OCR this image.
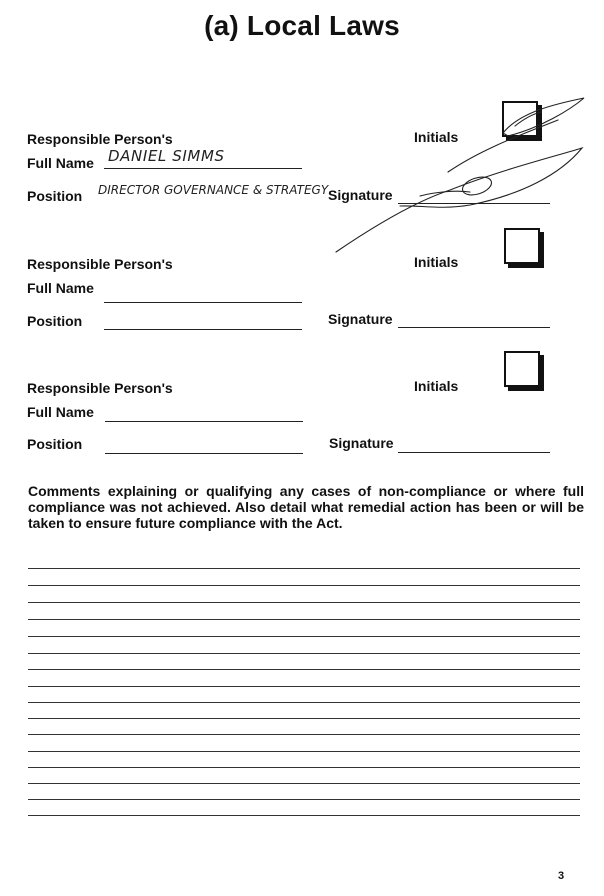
(a) Local Laws
Responsible Person's
Full Name DANIEL SIMMS
Position DIRECTOR GOVERNANCE & STRATEGY
Initials
Signature
Responsible Person's
Full Name
Position
Initials
Signature
Responsible Person's
Full Name
Position
Initials
Signature
Comments explaining or qualifying any cases of non-compliance or where full compliance was not achieved. Also detail what remedial action has been or will be taken to ensure future compliance with the Act.
3
